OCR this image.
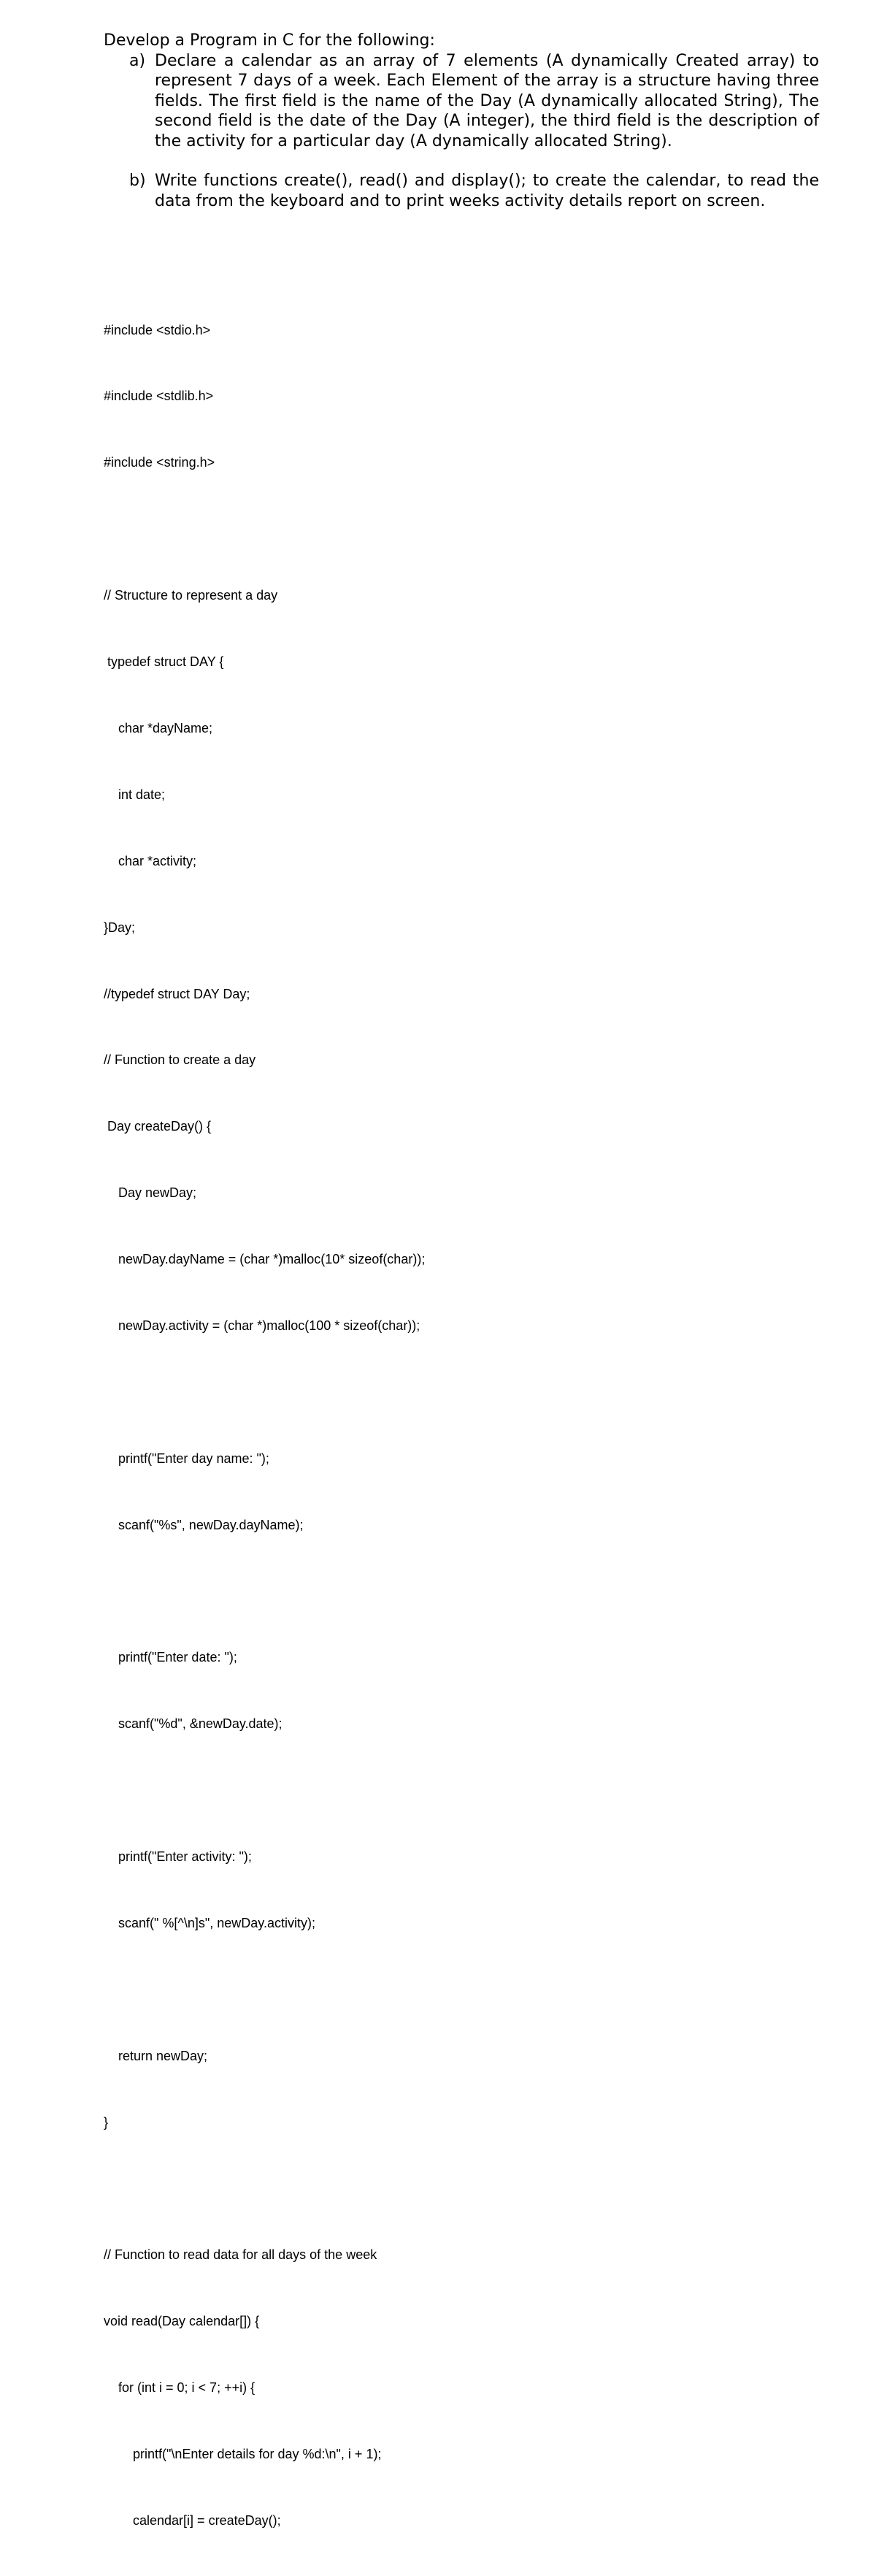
Develop a Program in C for the following:
a) Declare a calendar as an array of 7 elements (A dynamically Created array) to represent 7 days of a week. Each Element of the array is a structure having three fields. The first field is the name of the Day (A dynamically allocated String), The second field is the date of the Day (A integer), the third field is the description of the activity for a particular day (A dynamically allocated String).
b) Write functions create(), read() and display(); to create the calendar, to read the data from the keyboard and to print weeks activity details report on screen.

#include <stdio.h>

#include <stdlib.h>

#include <string.h>

// Structure to represent a day

typedef struct DAY {

char *dayName;

int date;

char *activity;

}Day;

//typedef struct DAY Day;

// Function to create a day

Day createDay() {

Day newDay;

newDay.dayName = (char *)malloc(10* sizeof(char));

newDay.activity = (char *)malloc(100 * sizeof(char));

printf("Enter day name: ");

scanf("%s", newDay.dayName);

printf("Enter date: ");

scanf("%d", &newDay.date);

printf("Enter activity: ");

scanf(" %[^\n]s", newDay.activity);

return newDay;

}

// Function to read data for all days of the week

void read(Day calendar[]) {

for (int i = 0; i < 7; ++i) {

printf("\nEnter details for day %d:\n", i + 1);

calendar[i] = createDay();
